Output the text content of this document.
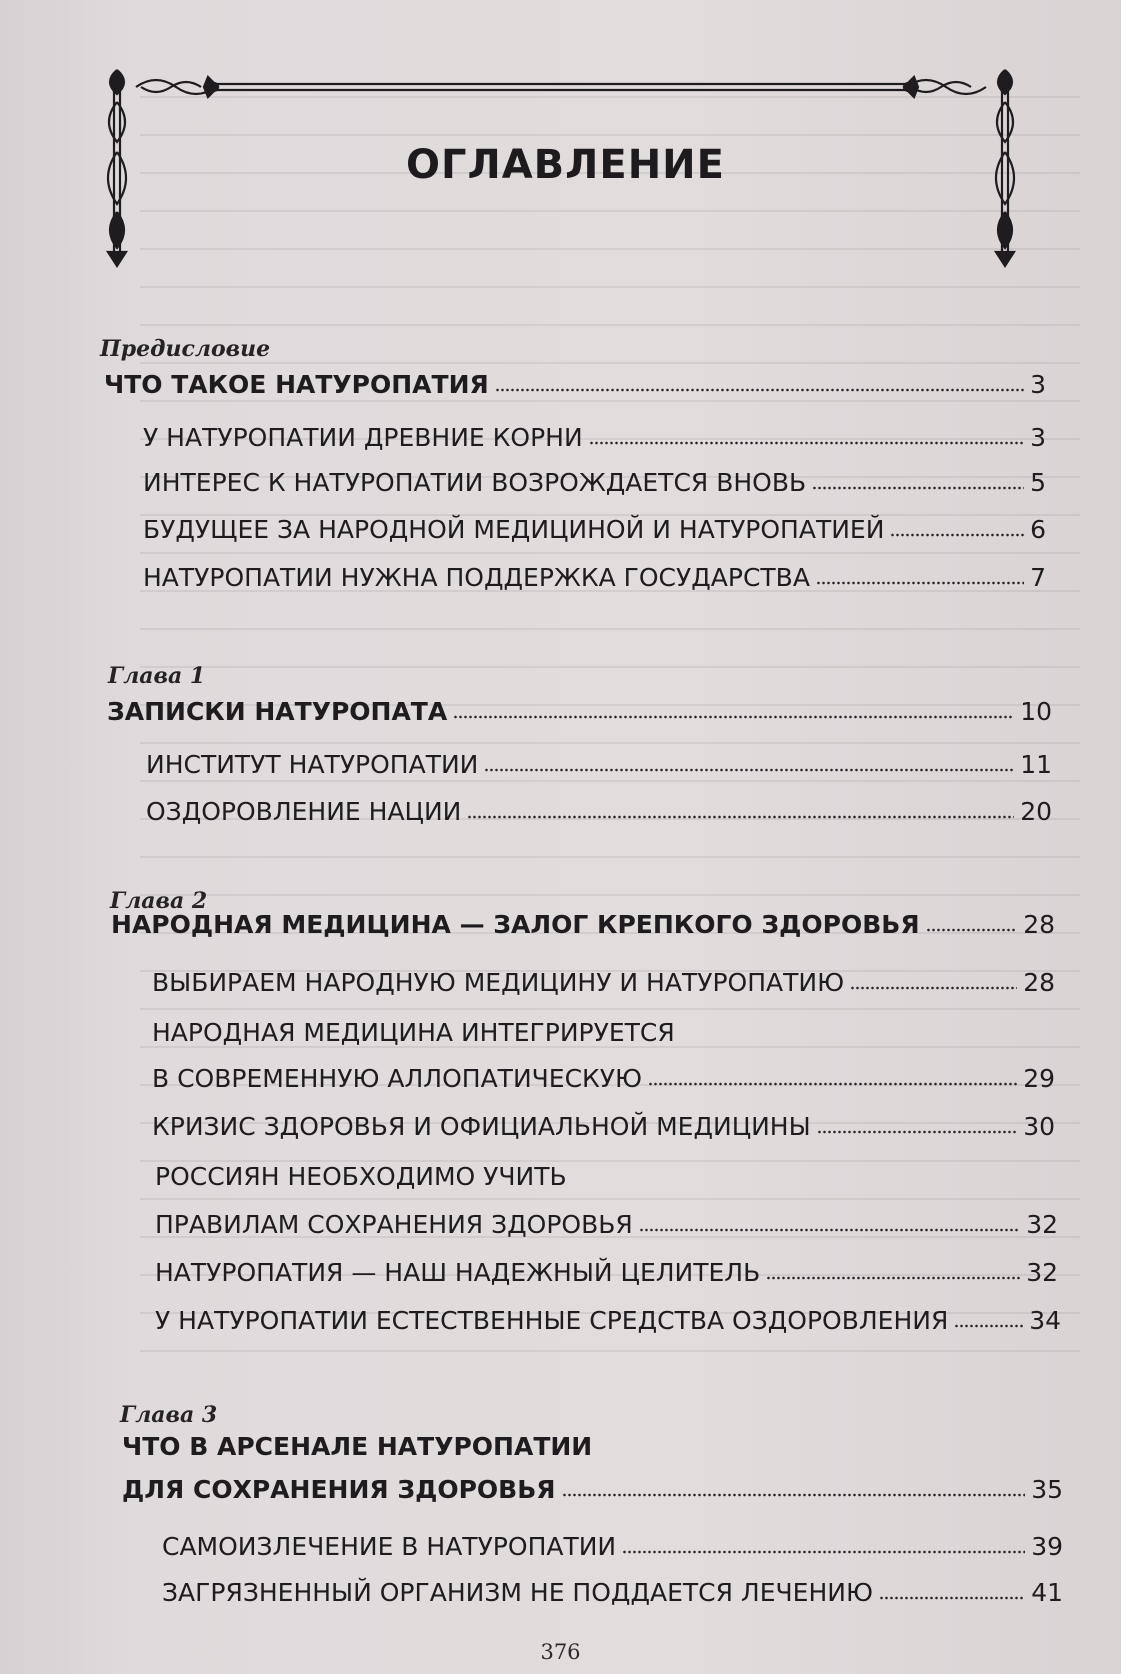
ОГЛАВЛЕНИЕ
Предисловие
ЧТО ТАКОЕ НАТУРОПАТИЯ	3
У НАТУРОПАТИИ ДРЕВНИЕ КОРНИ	3
ИНТЕРЕС К НАТУРОПАТИИ ВОЗРОЖДАЕТСЯ ВНОВЬ	5
БУДУЩЕЕ ЗА НАРОДНОЙ МЕДИЦИНОЙ И НАТУРОПАТИЕЙ	6
НАТУРОПАТИИ НУЖНА ПОДДЕРЖКА ГОСУДАРСТВА	7
Глава 1
ЗАПИСКИ НАТУРОПАТА	10
ИНСТИТУТ НАТУРОПАТИИ	11
ОЗДОРОВЛЕНИЕ НАЦИИ	20
Глава 2
НАРОДНАЯ МЕДИЦИНА — ЗАЛОГ КРЕПКОГО ЗДОРОВЬЯ	28
ВЫБИРАЕМ НАРОДНУЮ МЕДИЦИНУ И НАТУРОПАТИЮ	28
НАРОДНАЯ МЕДИЦИНА ИНТЕГРИРУЕТСЯ
В СОВРЕМЕННУЮ АЛЛОПАТИЧЕСКУЮ	29
КРИЗИС ЗДОРОВЬЯ И ОФИЦИАЛЬНОЙ МЕДИЦИНЫ	30
РОССИЯН НЕОБХОДИМО УЧИТЬ
ПРАВИЛАМ СОХРАНЕНИЯ ЗДОРОВЬЯ	32
НАТУРОПАТИЯ — НАШ НАДЕЖНЫЙ ЦЕЛИТЕЛЬ	32
У НАТУРОПАТИИ ЕСТЕСТВЕННЫЕ СРЕДСТВА ОЗДОРОВЛЕНИЯ	34
Глава 3
ЧТО В АРСЕНАЛЕ НАТУРОПАТИИ
ДЛЯ СОХРАНЕНИЯ ЗДОРОВЬЯ	35
САМОИЗЛЕЧЕНИЕ В НАТУРОПАТИИ	39
ЗАГРЯЗНЕННЫЙ ОРГАНИЗМ НЕ ПОДДАЕТСЯ ЛЕЧЕНИЮ	41
376
